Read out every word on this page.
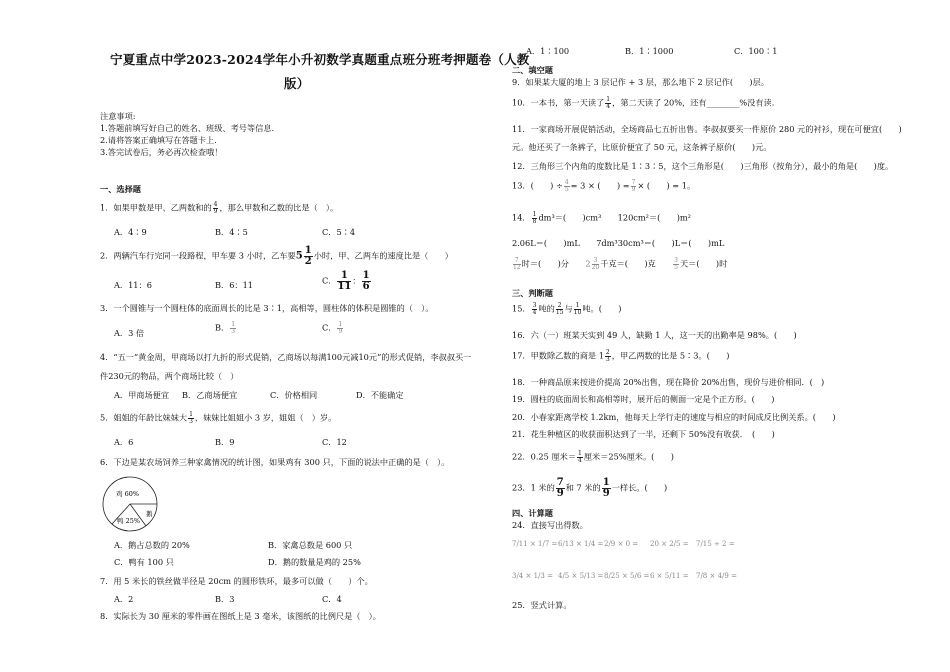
宁夏重点中学2023-2024学年小升初数学真题重点班分班考押题卷（人教
版）
注意事项:
1.答题前填写好自己的姓名、班级、考号等信息.
2.请将答案正确填写在答题卡上.
3.答完试卷后，务必再次检查哦！
一、选择题
1．如果甲数是甲、乙两数和的 $\frac{4}{9}$ ，那么甲数和乙数的比是（　）。
A．4∶9	B．4∶5	C．5∶4
2．两辆汽车行完同一段路程，甲车要 3 小时，乙车要$5 \frac{1}{2}$ 小时，甲、乙两车的速度比是（　　）
A．11：6	B．6：11	C． $\frac{1}{11}$ ： $\frac{1}{6}$
3．一个圆锥与一个圆柱体的底面周长的比是 3∶1，高相等，圆柱体的体积是圆锥的（　）。
A．3 倍
B． $\frac{1}{3}$	C． $\frac{1}{9}$
4．“五一”黄金周，甲商场以打九折的形式促销，乙商场以每满100元减10元”的形式促销，李叔叔买一
件230元的物品，两个商场比较（　）
A．甲商场便宜 B．乙商场便宜	C．价格相同	D．不能确定
5．姐姐的年龄比妹妹大 $\frac{1}{3}$ ，妹妹比姐姐小 3 岁，姐姐（　）岁。
A．6	B．9	C．12
6．下边是某农场饲养三种家禽情况的统计图，如果鸡有 300 只，下面的说法中正确的是（　）。
鸡 60%
鹅
鸭 25%
A．鹅占总数的 20%	B．家禽总数是 600 只
C．鸭有 100 只	D．鹅的数量是鸡的 25%
7．用 5 米长的铁丝做半径是 20cm 的圆形铁环，最多可以做（　　）个。
A．2	B．3	C．4
8．实际长为 30 厘米的零件画在图纸上是 3 毫米，该图纸的比例尺是（　）。
A．1∶100	B．1∶1000	C．100∶1
二、填空题
9．如果某大厦的地上 3 层记作 + 3 层，那么地下 2 层记作(　　)层。
10．一本书，第一天读了 $\frac{1}{4}$ ，第二天读了 20%，还有________%没有读.
11．一家商场开展促销活动，全场商品七五折出售。李叔叔要买一件原价 280 元的衬衫，现在可便宜(　　)
元。他还买了一条裤子，比原价便宜了 50 元，这条裤子原价(　　)元。
12．三角形三个内角的度数比是 1∶3∶5，这个三角形是(　　)三角形（按角分），最小的角是(　　)度。
13．(　　) ÷ $\frac{4}{5} = 3$ × (　　) = $\frac{7}{9}$ × (　　) = 1。
14． $\frac{1}{8} dm^3=$(　　)cm³　　120cm²＝(　　)m²
2.06L＝(　　)mL　　7dm³30cm³＝(　　)L＝(　　)mL
$\frac{7}{12}$ 时＝(　　)分　　 $2 \frac{3}{20}$ 千克＝(　　)克　　	$\frac{3}{5}$ 天＝(　　)时
三、判断题
15． $\frac{3}{4}$ 吨的 $\frac{2}{15}$ 与 $\frac{1}{10}$ 吨。(　　)
16．六（一）班某天实到 49 人，缺勤 1 人，这一天的出勤率是 98%。(　　)
17．甲数除乙数的商是 $1 \frac{2}{3}$ ，甲乙两数的比是 5∶3。(　　)
18．一种商品原来按进价提高 20%出售，现在降价 20%出售，现价与进价相同．(　)
19．圆柱的底面周长和高相等时，展开后的侧面一定是个正方形。(　　)
20．小春家距离学校 1.2km，他每天上学行走的速度与相应的时间成反比例关系。(　　)
21．花生种植区的收获面积达到了一半，还剩下 50%没有收获．　(　　)
22．0.25 厘米＝ $\frac{1}{4}$ 厘米＝25%厘米。(　　)
23．1 米的 $\frac{7}{9}$ 和 7 米的 $\frac{1}{9}$ 一样长。(　　)
四、计算题
24．直接写出得数。
7/11 × 1/7 = 6/13 × 1/4 = 2/9 × 0 = 20 × 2/5 = 7/15 ÷ 2 =
3/4 × 1/3 = 4/5 × 5/13 = 8/25 × 5/6 = 6 × 5/11 = 7/8 × 4/9 =
25．竖式计算。
